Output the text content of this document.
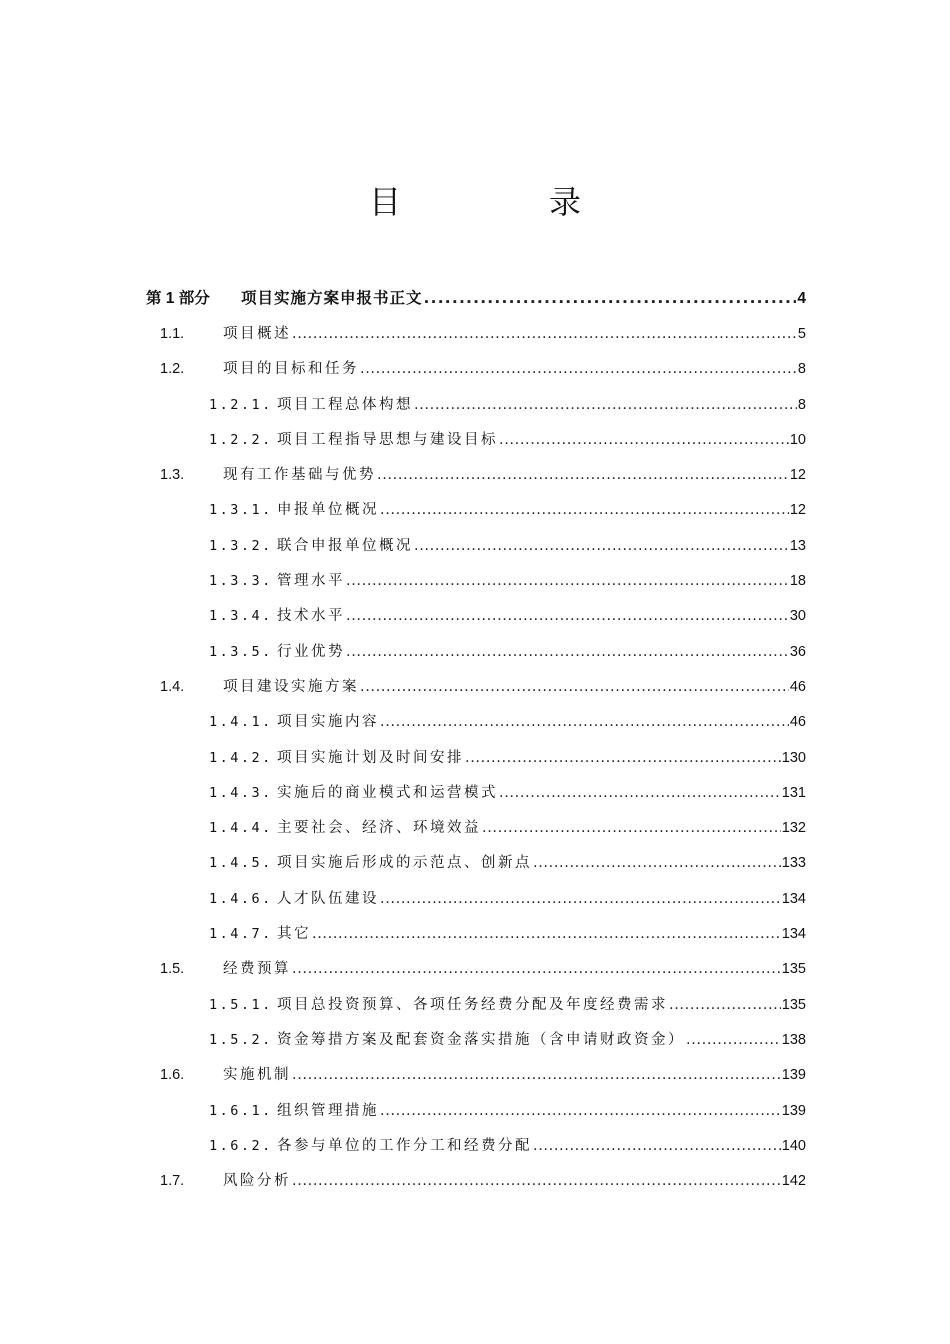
目　录
第 1 部分	项目实施方案申报书正文 .....	4
1.1.	项目概述 .....	5
1.2.	项目的目标和任务 .....	8
1.2.1. 项目工程总体构想 .....	8
1.2.2. 项目工程指导思想与建设目标 .....	10
1.3.	现有工作基础与优势 .....	12
1.3.1. 申报单位概况 .....	12
1.3.2. 联合申报单位概况 .....	13
1.3.3. 管理水平 .....	18
1.3.4. 技术水平 .....	30
1.3.5. 行业优势 .....	36
1.4.	项目建设实施方案 .....	46
1.4.1. 项目实施内容 .....	46
1.4.2. 项目实施计划及时间安排 .....	130
1.4.3. 实施后的商业模式和运营模式 .....	131
1.4.4. 主要社会、经济、环境效益 .....	132
1.4.5. 项目实施后形成的示范点、创新点 .....	133
1.4.6. 人才队伍建设 .....	134
1.4.7. 其它 .....	134
1.5.	经费预算 .....	135
1.5.1. 项目总投资预算、各项任务经费分配及年度经费需求 .....	135
1.5.2. 资金筹措方案及配套资金落实措施（含申请财政资金） .....	138
1.6.	实施机制 .....	139
1.6.1. 组织管理措施 .....	139
1.6.2. 各参与单位的工作分工和经费分配 .....	140
1.7.	风险分析 .....	142
